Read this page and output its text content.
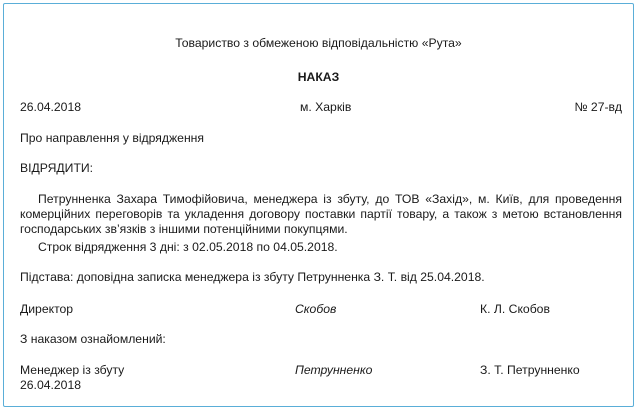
Товариство з обмеженою відповідальністю «Рута»

НАКАЗ

26.04.2018	м. Харків	№ 27-вд

Про направлення у відрядження

ВІДРЯДИТИ:

Петрунненка Захара Тимофійовича, менеджера із збуту, до ТОВ «Захід», м. Київ, для проведення комерційних переговорів та укладення договору поставки партії товару, а також з метою встановлення господарських зв’язків з іншими потенційними покупцями.

Строк відрядження 3 дні: з 02.05.2018 по 04.05.2018.

Підстава: доповідна записка менеджера із збуту Петрунненка З. Т. від 25.04.2018.

Директор	Скобов	К. Л. Скобов

З наказом ознайомлений:

Менеджер із збуту	Петрунненко	З. Т. Петрунненко

26.04.2018
